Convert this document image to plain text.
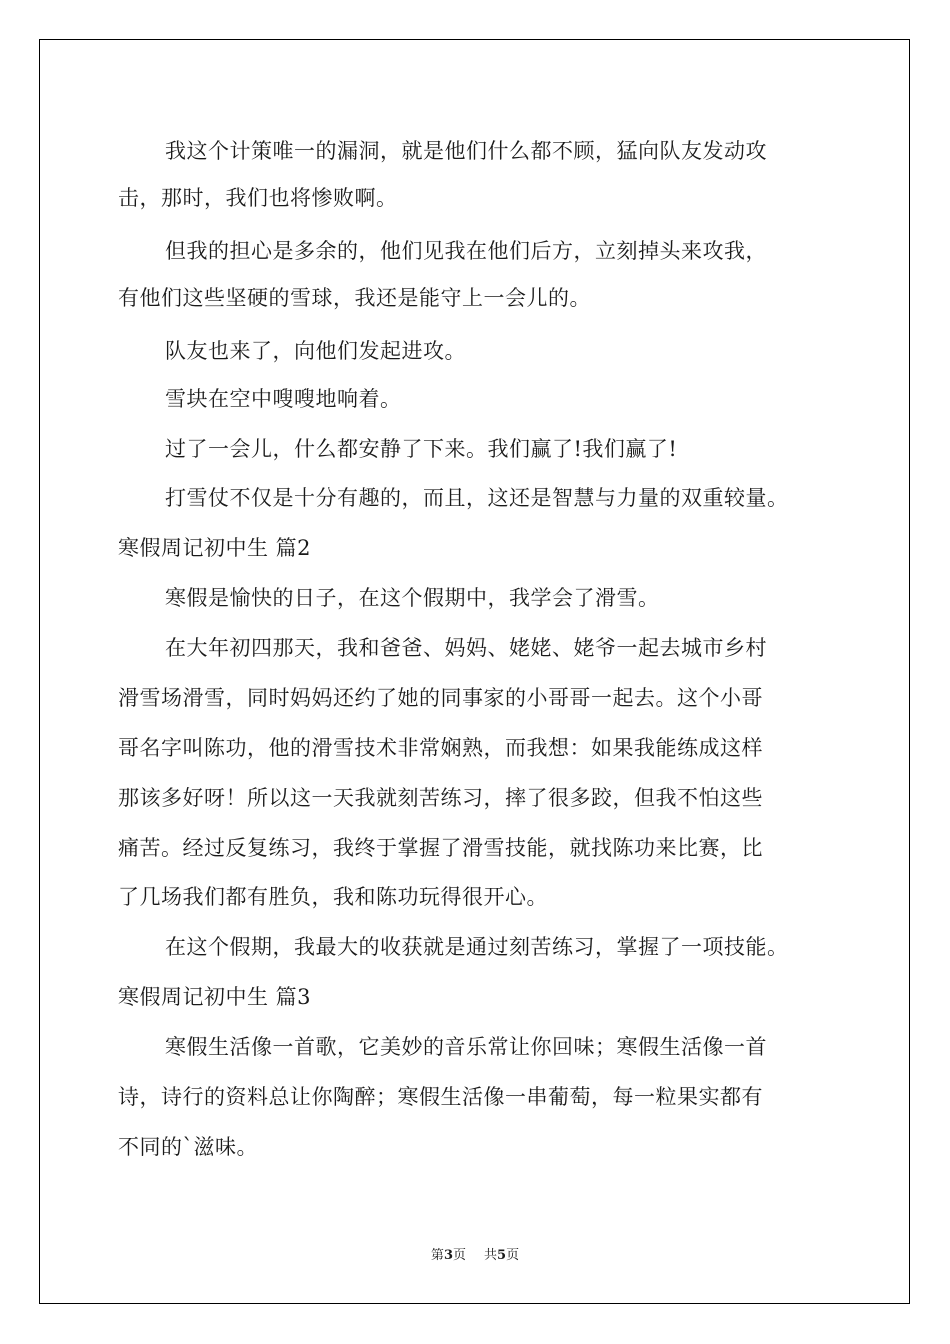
我这个计策唯一的漏洞，就是他们什么都不顾，猛向队友发动攻
击，那时，我们也将惨败啊。
但我的担心是多余的，他们见我在他们后方，立刻掉头来攻我，
有他们这些坚硬的雪球，我还是能守上一会儿的。
队友也来了，向他们发起进攻。
雪块在空中嗖嗖地响着。
过了一会儿，什么都安静了下来。我们赢了!我们赢了!
打雪仗不仅是十分有趣的，而且，这还是智慧与力量的双重较量。
寒假周记初中生 篇2
寒假是愉快的日子，在这个假期中，我学会了滑雪。
在大年初四那天，我和爸爸、妈妈、姥姥、姥爷一起去城市乡村
滑雪场滑雪，同时妈妈还约了她的同事家的小哥哥一起去。这个小哥
哥名字叫陈功，他的滑雪技术非常娴熟，而我想：如果我能练成这样
那该多好呀！所以这一天我就刻苦练习，摔了很多跤，但我不怕这些
痛苦。经过反复练习，我终于掌握了滑雪技能，就找陈功来比赛，比
了几场我们都有胜负，我和陈功玩得很开心。
在这个假期，我最大的收获就是通过刻苦练习，掌握了一项技能。
寒假周记初中生 篇3
寒假生活像一首歌，它美妙的音乐常让你回味；寒假生活像一首
诗，诗行的资料总让你陶醉；寒假生活像一串葡萄，每一粒果实都有
不同的`滋味。
第3页 共5页
